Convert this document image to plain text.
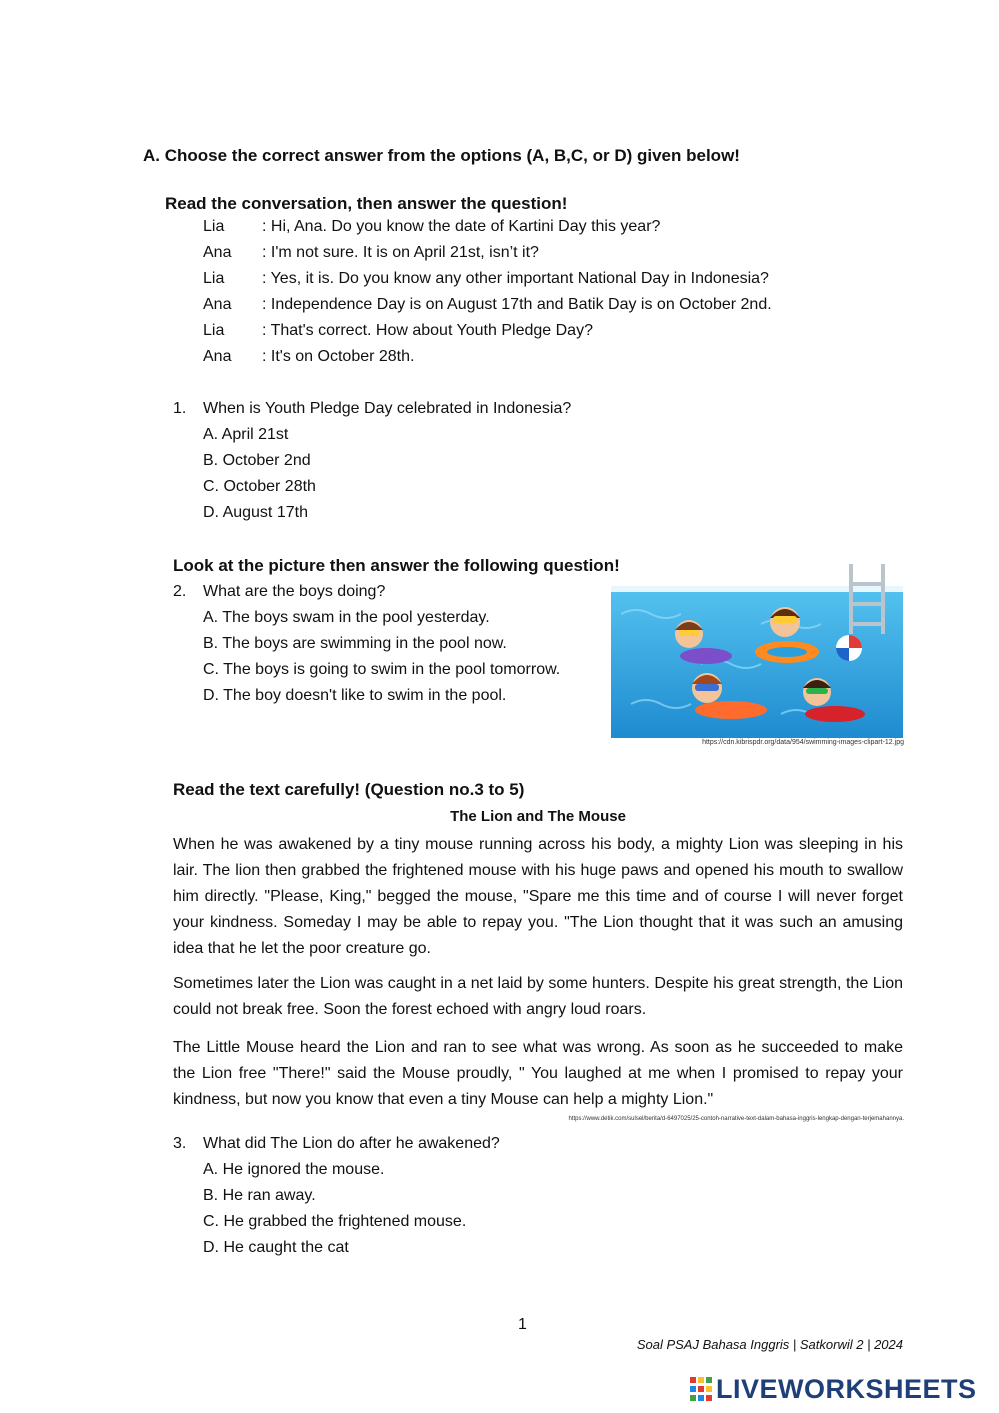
A. Choose the correct answer from the options (A, B,C, or D) given below!
Read the conversation, then answer the question!
Lia : Hi, Ana. Do you know the date of Kartini Day this year?
Ana : I'm not sure. It is on April 21st, isn’t it?
Lia : Yes, it is. Do you know any other important National Day in Indonesia?
Ana : Independence Day is on August 17th and Batik Day is on October 2nd.
Lia : That's correct. How about Youth Pledge Day?
Ana : It's on October 28th.
1. When is Youth Pledge Day celebrated in Indonesia?
A. April 21st
B. October 2nd
C. October 28th
D. August 17th
Look at the picture then answer the following question!
2. What are the boys doing?
A. The boys swam in the pool yesterday.
B. The boys are swimming in the pool now.
C. The boys is going to swim in the pool tomorrow.
D. The boy doesn't like to swim in the pool.
https://cdn.kibrispdr.org/data/954/swimming-images-clipart-12.jpg
Read the text carefully! (Question no.3 to 5)
The Lion and The Mouse
When he was awakened by a tiny mouse running across his body, a mighty Lion was sleeping in his lair. The lion then grabbed the frightened mouse with his huge paws and opened his mouth to swallow him directly. "Please, King," begged the mouse, "Spare me this time and of course I will never forget your kindness. Someday I may be able to repay you. "The Lion thought that it was such an amusing idea that he let the poor creature go.
Sometimes later the Lion was caught in a net laid by some hunters. Despite his great strength, the Lion could not break free. Soon the forest echoed with angry loud roars.
The Little Mouse heard the Lion and ran to see what was wrong. As soon as he succeeded to make the Lion free "There!" said the Mouse proudly, " You laughed at me when I promised to repay your kindness, but now you know that even a tiny Mouse can help a mighty Lion."
https://www.detik.com/sulsel/berita/d-6497025/25-contoh-narrative-text-dalam-bahasa-inggris-lengkap-dengan-terjemahannya.
3. What did The Lion do after he awakened?
A. He ignored the mouse.
B. He ran away.
C. He grabbed the frightened mouse.
D. He caught the cat
1
Soal PSAJ Bahasa Inggris | Satkorwil 2 | 2024
LIVEWORKSHEETS
